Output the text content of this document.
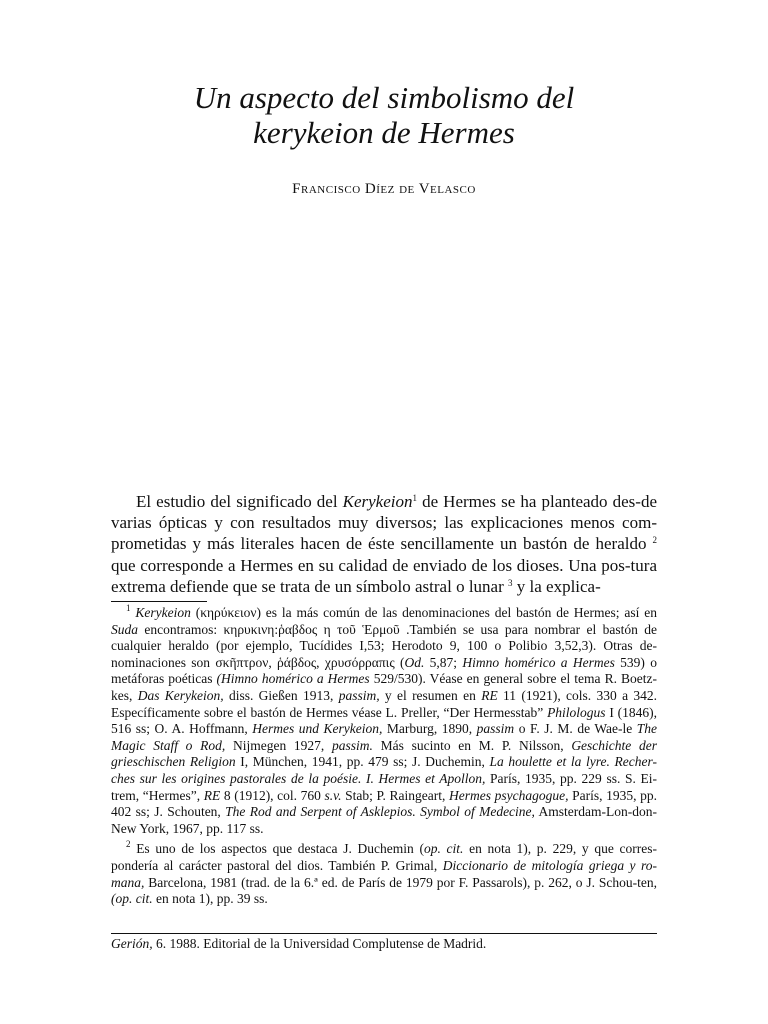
Un aspecto del simbolismo del
kerykeion de Hermes
Francisco Díez de Velasco

El estudio del significado del Kerykeion$^1$ de Hermes se ha planteado des-de varias ópticas y con resultados muy diversos; las explicaciones menos com-prometidas y más literales hacen de éste sencillamente un bastón de heraldo $^2$ que corresponde a Hermes en su calidad de enviado de los dioses. Una pos-tura extrema defiende que se trata de un símbolo astral o lunar $^3$ y la explica-

$^1$ Kerykeion (κηρύκειον) es la más común de las denominaciones del bastón de Hermes; así en Suda encontramos: κηρυκινη:ῥαβδος η τοῦ Ἑρμοῦ .También se usa para nombrar el bastón de cualquier heraldo (por ejemplo, Tucídides I,53; Herodoto 9, 100 o Polibio 3,52,3). Otras de-nominaciones son σκῆπτρον, ῥάβδος, χρυσόρραπις (Od. 5,87; Himno homérico a Hermes 539) o metáforas poéticas (Himno homérico a Hermes 529/530). Véase en general sobre el tema R. Boetz-kes, Das Kerykeion, diss. Gießen 1913, passim, y el resumen en RE 11 (1921), cols. 330 a 342. Específicamente sobre el bastón de Hermes véase L. Preller, “Der Hermesstab” Philologus I (1846), 516 ss; O. A. Hoffmann, Hermes und Kerykeion, Marburg, 1890, passim o F. J. M. de Wae-le The Magic Staff o Rod, Nijmegen 1927, passim. Más sucinto en M. P. Nilsson, Geschichte der grieschischen Religion I, München, 1941, pp. 479 ss; J. Duchemin, La houlette et la lyre. Recher-ches sur les origines pastorales de la poésie. I. Hermes et Apollon, París, 1935, pp. 229 ss. S. Ei-trem, “Hermes”, RE 8 (1912), col. 760 s.v. Stab; P. Raingeart, Hermes psychagogue, París, 1935, pp. 402 ss; J. Schouten, The Rod and Serpent of Asklepios. Symbol of Medecine, Amsterdam-Lon-don-New York, 1967, pp. 117 ss.

$^2$ Es uno de los aspectos que destaca J. Duchemin (op. cit. en nota 1), p. 229, y que corres-pondería al carácter pastoral del dios. También P. Grimal, Diccionario de mitología griega y ro-mana, Barcelona, 1981 (trad. de la 6.ª ed. de París de 1979 por F. Passarols), p. 262, o J. Schou-ten, (op. cit. en nota 1), pp. 39 ss.

Gerión, 6. 1988. Editorial de la Universidad Complutense de Madrid.
